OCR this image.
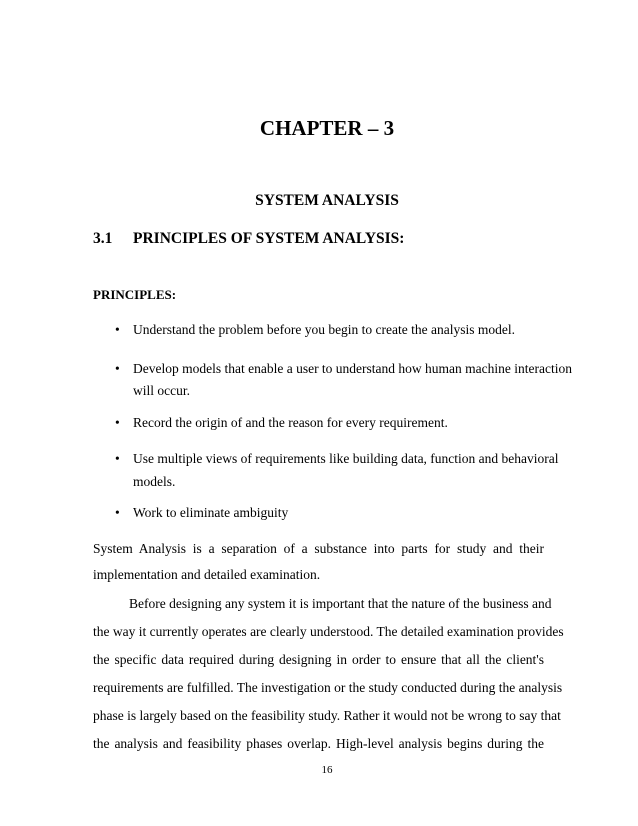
CHAPTER – 3
SYSTEM ANALYSIS
3.1 PRINCIPLES OF SYSTEM ANALYSIS:
PRINCIPLES:
• Understand the problem before you begin to create the analysis model.
• Develop models that enable a user to understand how human machine interaction
will occur.
• Record the origin of and the reason for every requirement.
• Use multiple views of requirements like building data, function and behavioral
models.
• Work to eliminate ambiguity
System Analysis is a separation of a substance into parts for study and their
implementation and detailed examination.
Before designing any system it is important that the nature of the business and
the way it currently operates are clearly understood. The detailed examination provides
the specific data required during designing in order to ensure that all the client's
requirements are fulfilled. The investigation or the study conducted during the analysis
phase is largely based on the feasibility study. Rather it would not be wrong to say that
the analysis and feasibility phases overlap. High-level analysis begins during the
16
